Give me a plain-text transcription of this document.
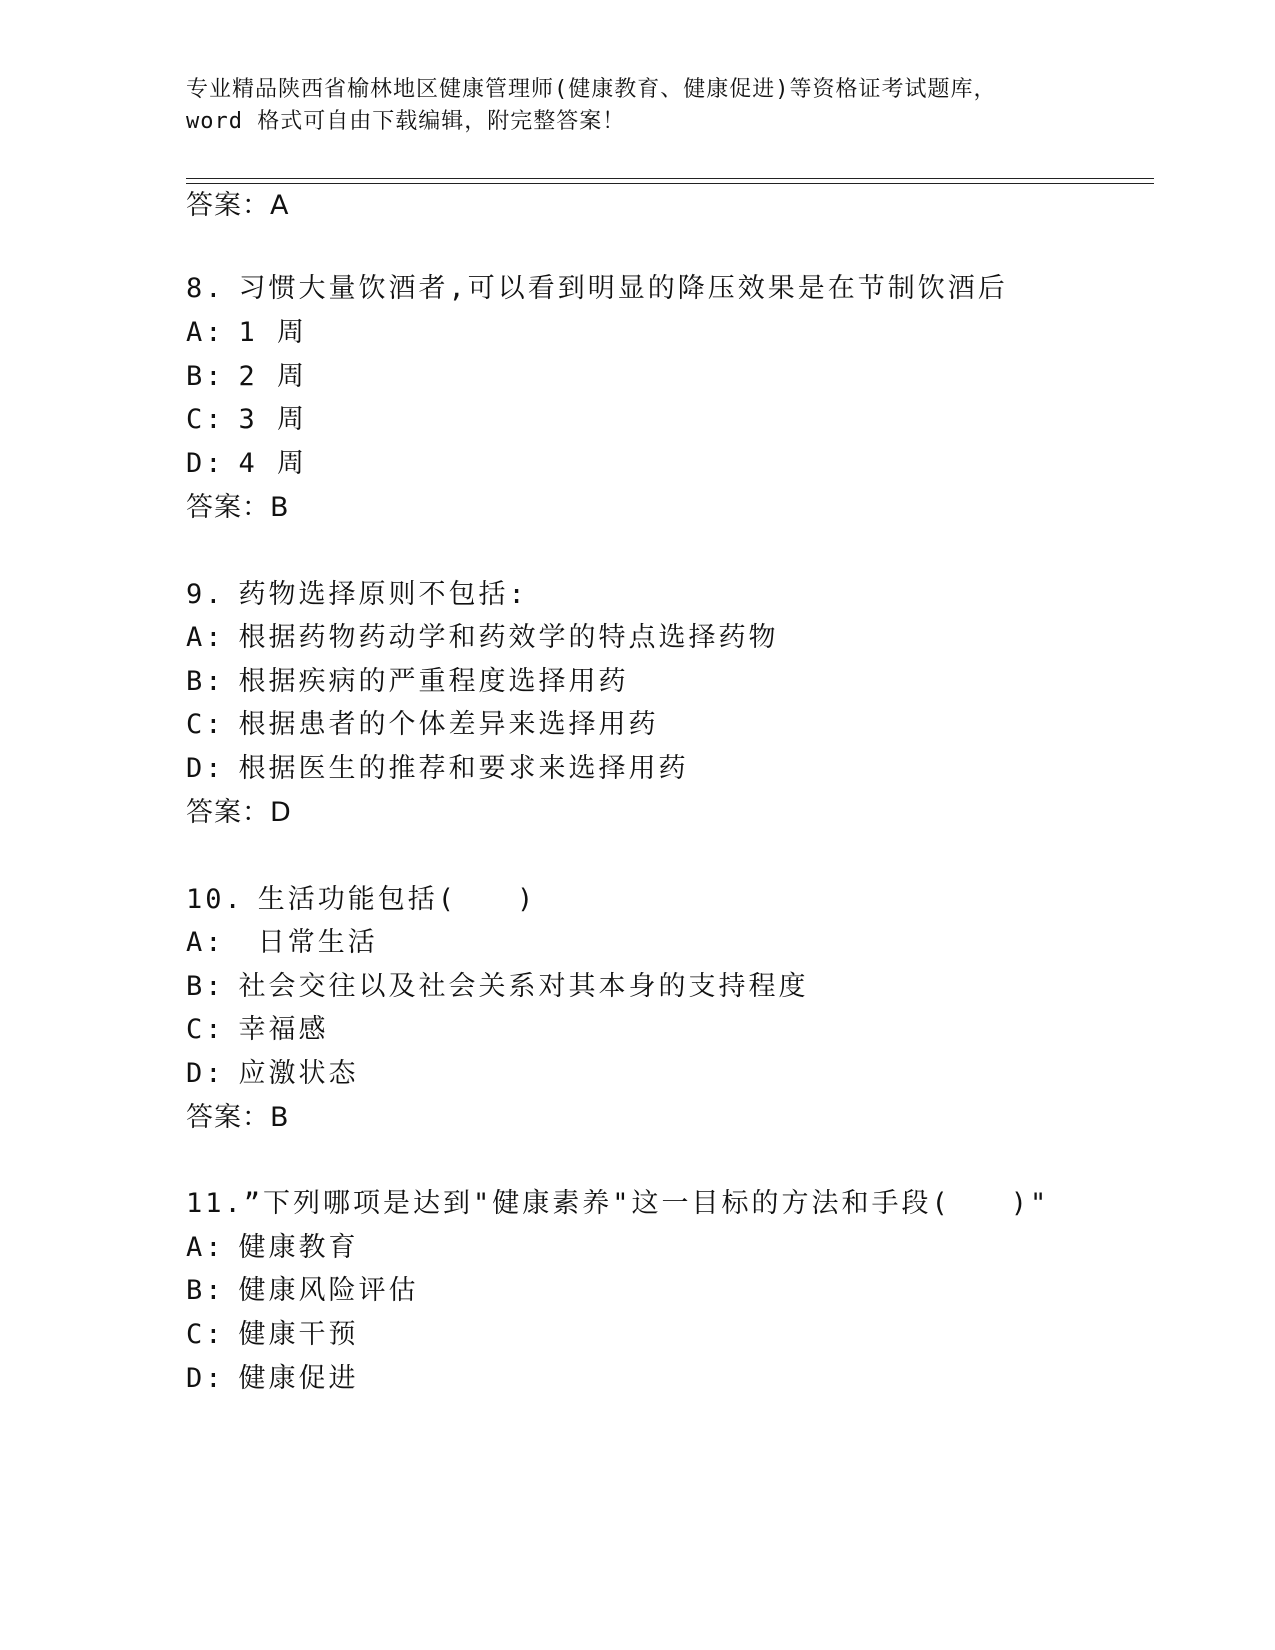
专业精品陕西省榆林地区健康管理师(健康教育、健康促进)等资格证考试题库，
word 格式可自由下载编辑，附完整答案！
答案：A
8. 习惯大量饮酒者,可以看到明显的降压效果是在节制饮酒后
A: 1 周
B: 2 周
C: 3 周
D: 4 周
答案：B
9. 药物选择原则不包括:
A: 根据药物药动学和药效学的特点选择药物
B: 根据疾病的严重程度选择用药
C: 根据患者的个体差异来选择用药
D: 根据医生的推荐和要求来选择用药
答案：D
10. 生活功能包括(　　)
A: 日常生活
B: 社会交往以及社会关系对其本身的支持程度
C: 幸福感
D: 应激状态
答案：B
11.”下列哪项是达到"健康素养"这一目标的方法和手段(　　)"
A: 健康教育
B: 健康风险评估
C: 健康干预
D: 健康促进
